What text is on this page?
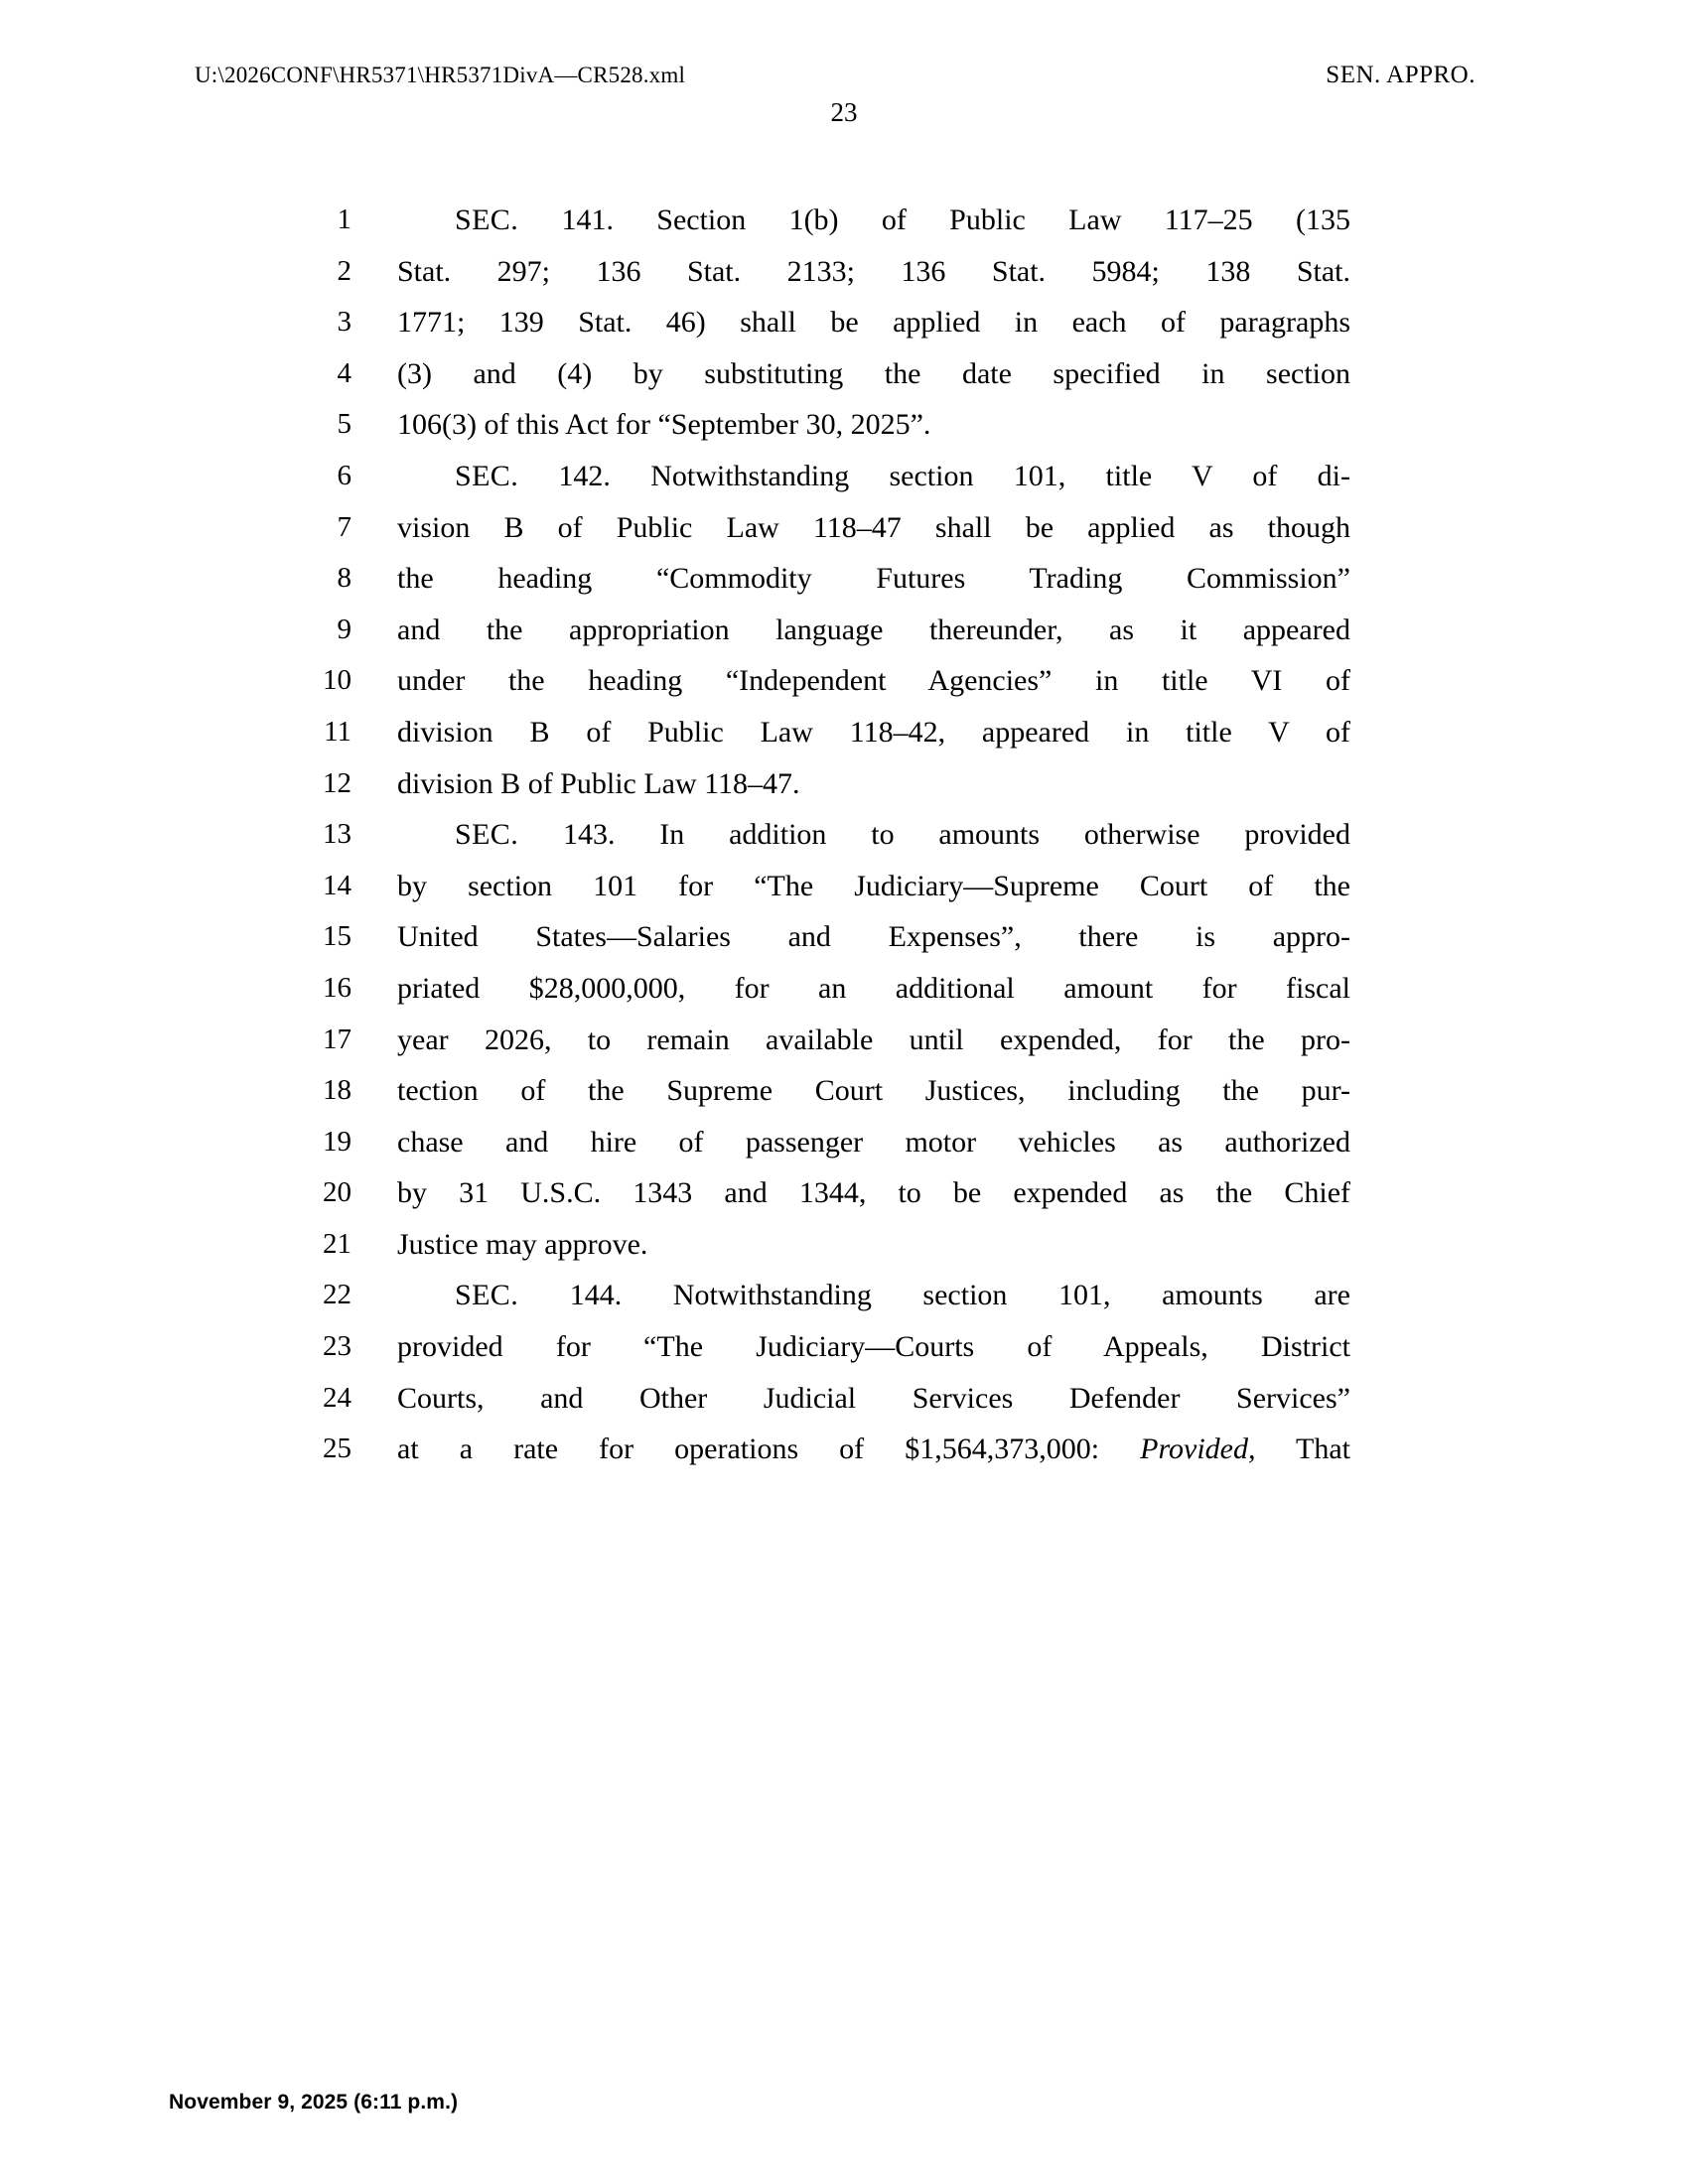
U:\2026CONF\HR5371\HR5371DivA—CR528.xml	SEN. APPRO.
23
1	SEC. 141. Section 1(b) of Public Law 117–25 (135
2 Stat. 297; 136 Stat. 2133; 136 Stat. 5984; 138 Stat.
3 1771; 139 Stat. 46) shall be applied in each of paragraphs
4 (3) and (4) by substituting the date specified in section
5 106(3) of this Act for “September 30, 2025”.
6	SEC. 142. Notwithstanding section 101, title V of di-
7 vision B of Public Law 118–47 shall be applied as though
8 the heading “Commodity Futures Trading Commission”
9 and the appropriation language thereunder, as it appeared
10 under the heading “Independent Agencies” in title VI of
11 division B of Public Law 118–42, appeared in title V of
12 division B of Public Law 118–47.
13	SEC. 143. In addition to amounts otherwise provided
14 by section 101 for “The Judiciary—Supreme Court of the
15 United States—Salaries and Expenses”, there is appro-
16 priated $28,000,000, for an additional amount for fiscal
17 year 2026, to remain available until expended, for the pro-
18 tection of the Supreme Court Justices, including the pur-
19 chase and hire of passenger motor vehicles as authorized
20 by 31 U.S.C. 1343 and 1344, to be expended as the Chief
21 Justice may approve.
22	SEC. 144. Notwithstanding section 101, amounts are
23 provided for “The Judiciary—Courts of Appeals, District
24 Courts, and Other Judicial Services Defender Services”
25 at a rate for operations of $1,564,373,000: Provided, That
November 9, 2025 (6:11 p.m.)
